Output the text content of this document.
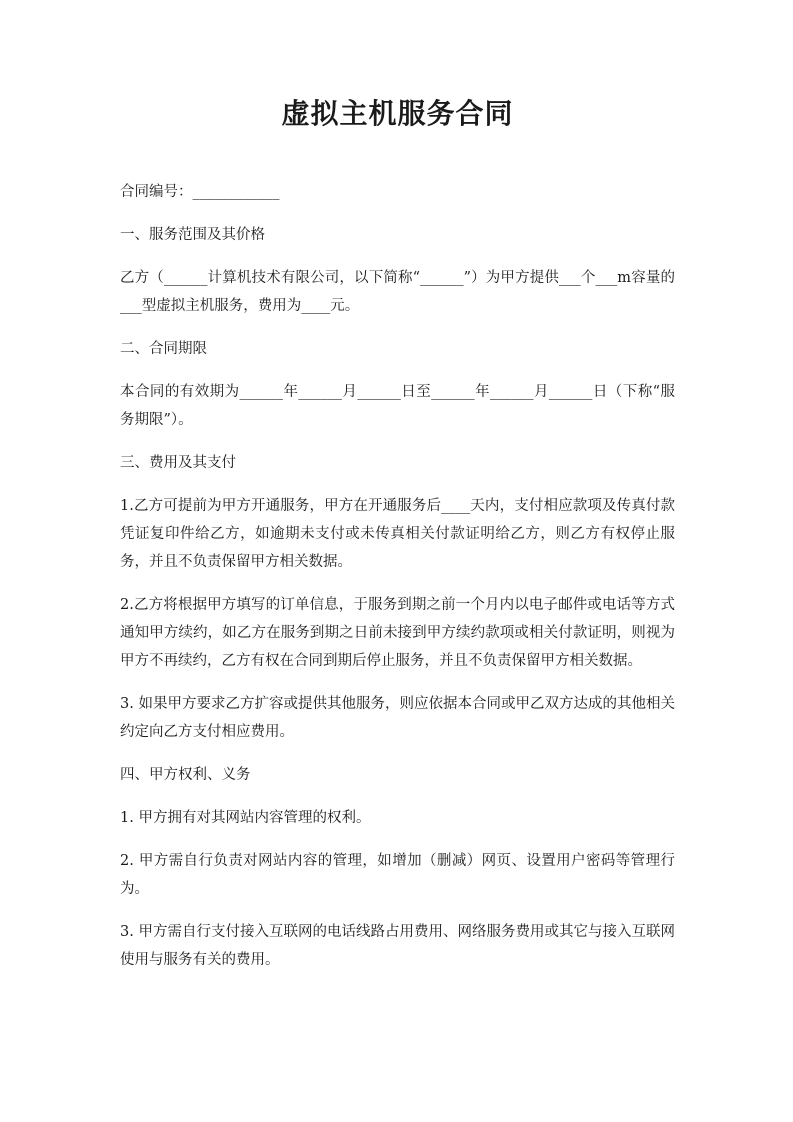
虚拟主机服务合同

合同编号：____________

一、服务范围及其价格

乙方（______计算机技术有限公司，以下简称“______”）为甲方提供___个___m容量的___型虚拟主机服务，费用为____元。

二、合同期限

本合同的有效期为______年______月______日至______年______月______日（下称“服务期限”）。

三、费用及其支付

1.乙方可提前为甲方开通服务，甲方在开通服务后____天内，支付相应款项及传真付款凭证复印件给乙方，如逾期未支付或未传真相关付款证明给乙方，则乙方有权停止服务，并且不负责保留甲方相关数据。

2.乙方将根据甲方填写的订单信息，于服务到期之前一个月内以电子邮件或电话等方式通知甲方续约，如乙方在服务到期之日前未接到甲方续约款项或相关付款证明，则视为甲方不再续约，乙方有权在合同到期后停止服务，并且不负责保留甲方相关数据。

3. 如果甲方要求乙方扩容或提供其他服务，则应依据本合同或甲乙双方达成的其他相关约定向乙方支付相应费用。

四、甲方权利、义务

1. 甲方拥有对其网站内容管理的权利。

2. 甲方需自行负责对网站内容的管理，如增加（删减）网页、设置用户密码等管理行为。

3. 甲方需自行支付接入互联网的电话线路占用费用、网络服务费用或其它与接入互联网使用与服务有关的费用。
